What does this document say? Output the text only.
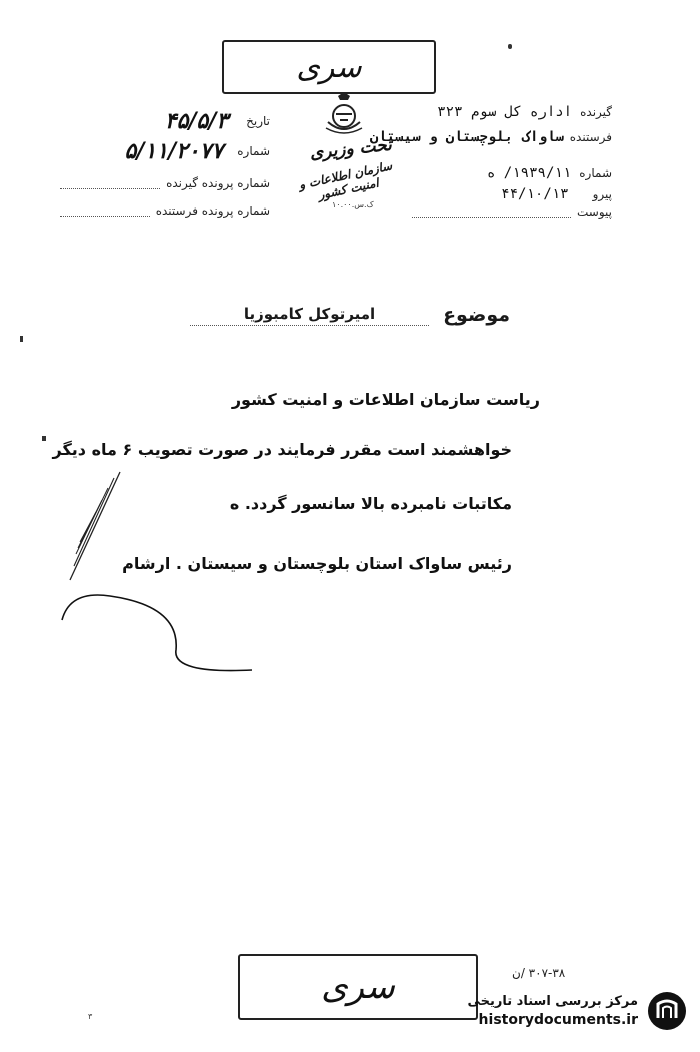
سری
گیرنده
اداره کل سوم ۳۲۳
فرستنده
ساواک بلوچستان و سیستان
شماره
۱۹۳۹/۱۱/ ه
پیرو
۴۴/۱۰/۱۳
پیوست
تحت وزیری
سازمان اطلاعات و امنیت کشور
ک.س.۱۰.۰۰
تاریخ
۴۵/۵/۳
شماره
۵/۱۱/۲۰۷۷
شماره پرونده گیرنده
شماره پرونده فرستنده
موضوع
امیرتوکل کامبوزیا
ریاست سازمان اطلاعات و امنیت کشور
خواهشمند است مقرر فرمایند در صورت تصویب ۶ ماه دیگر
مکاتبات نامبرده بالا سانسور گردد. ه
رئیس ساواک استان بلوچستان و سیستان . ارشام
۳۰۷-۳۸ /ن
۳
سری	مرکز بررسی اسناد تاریخی
historydocuments.ir
